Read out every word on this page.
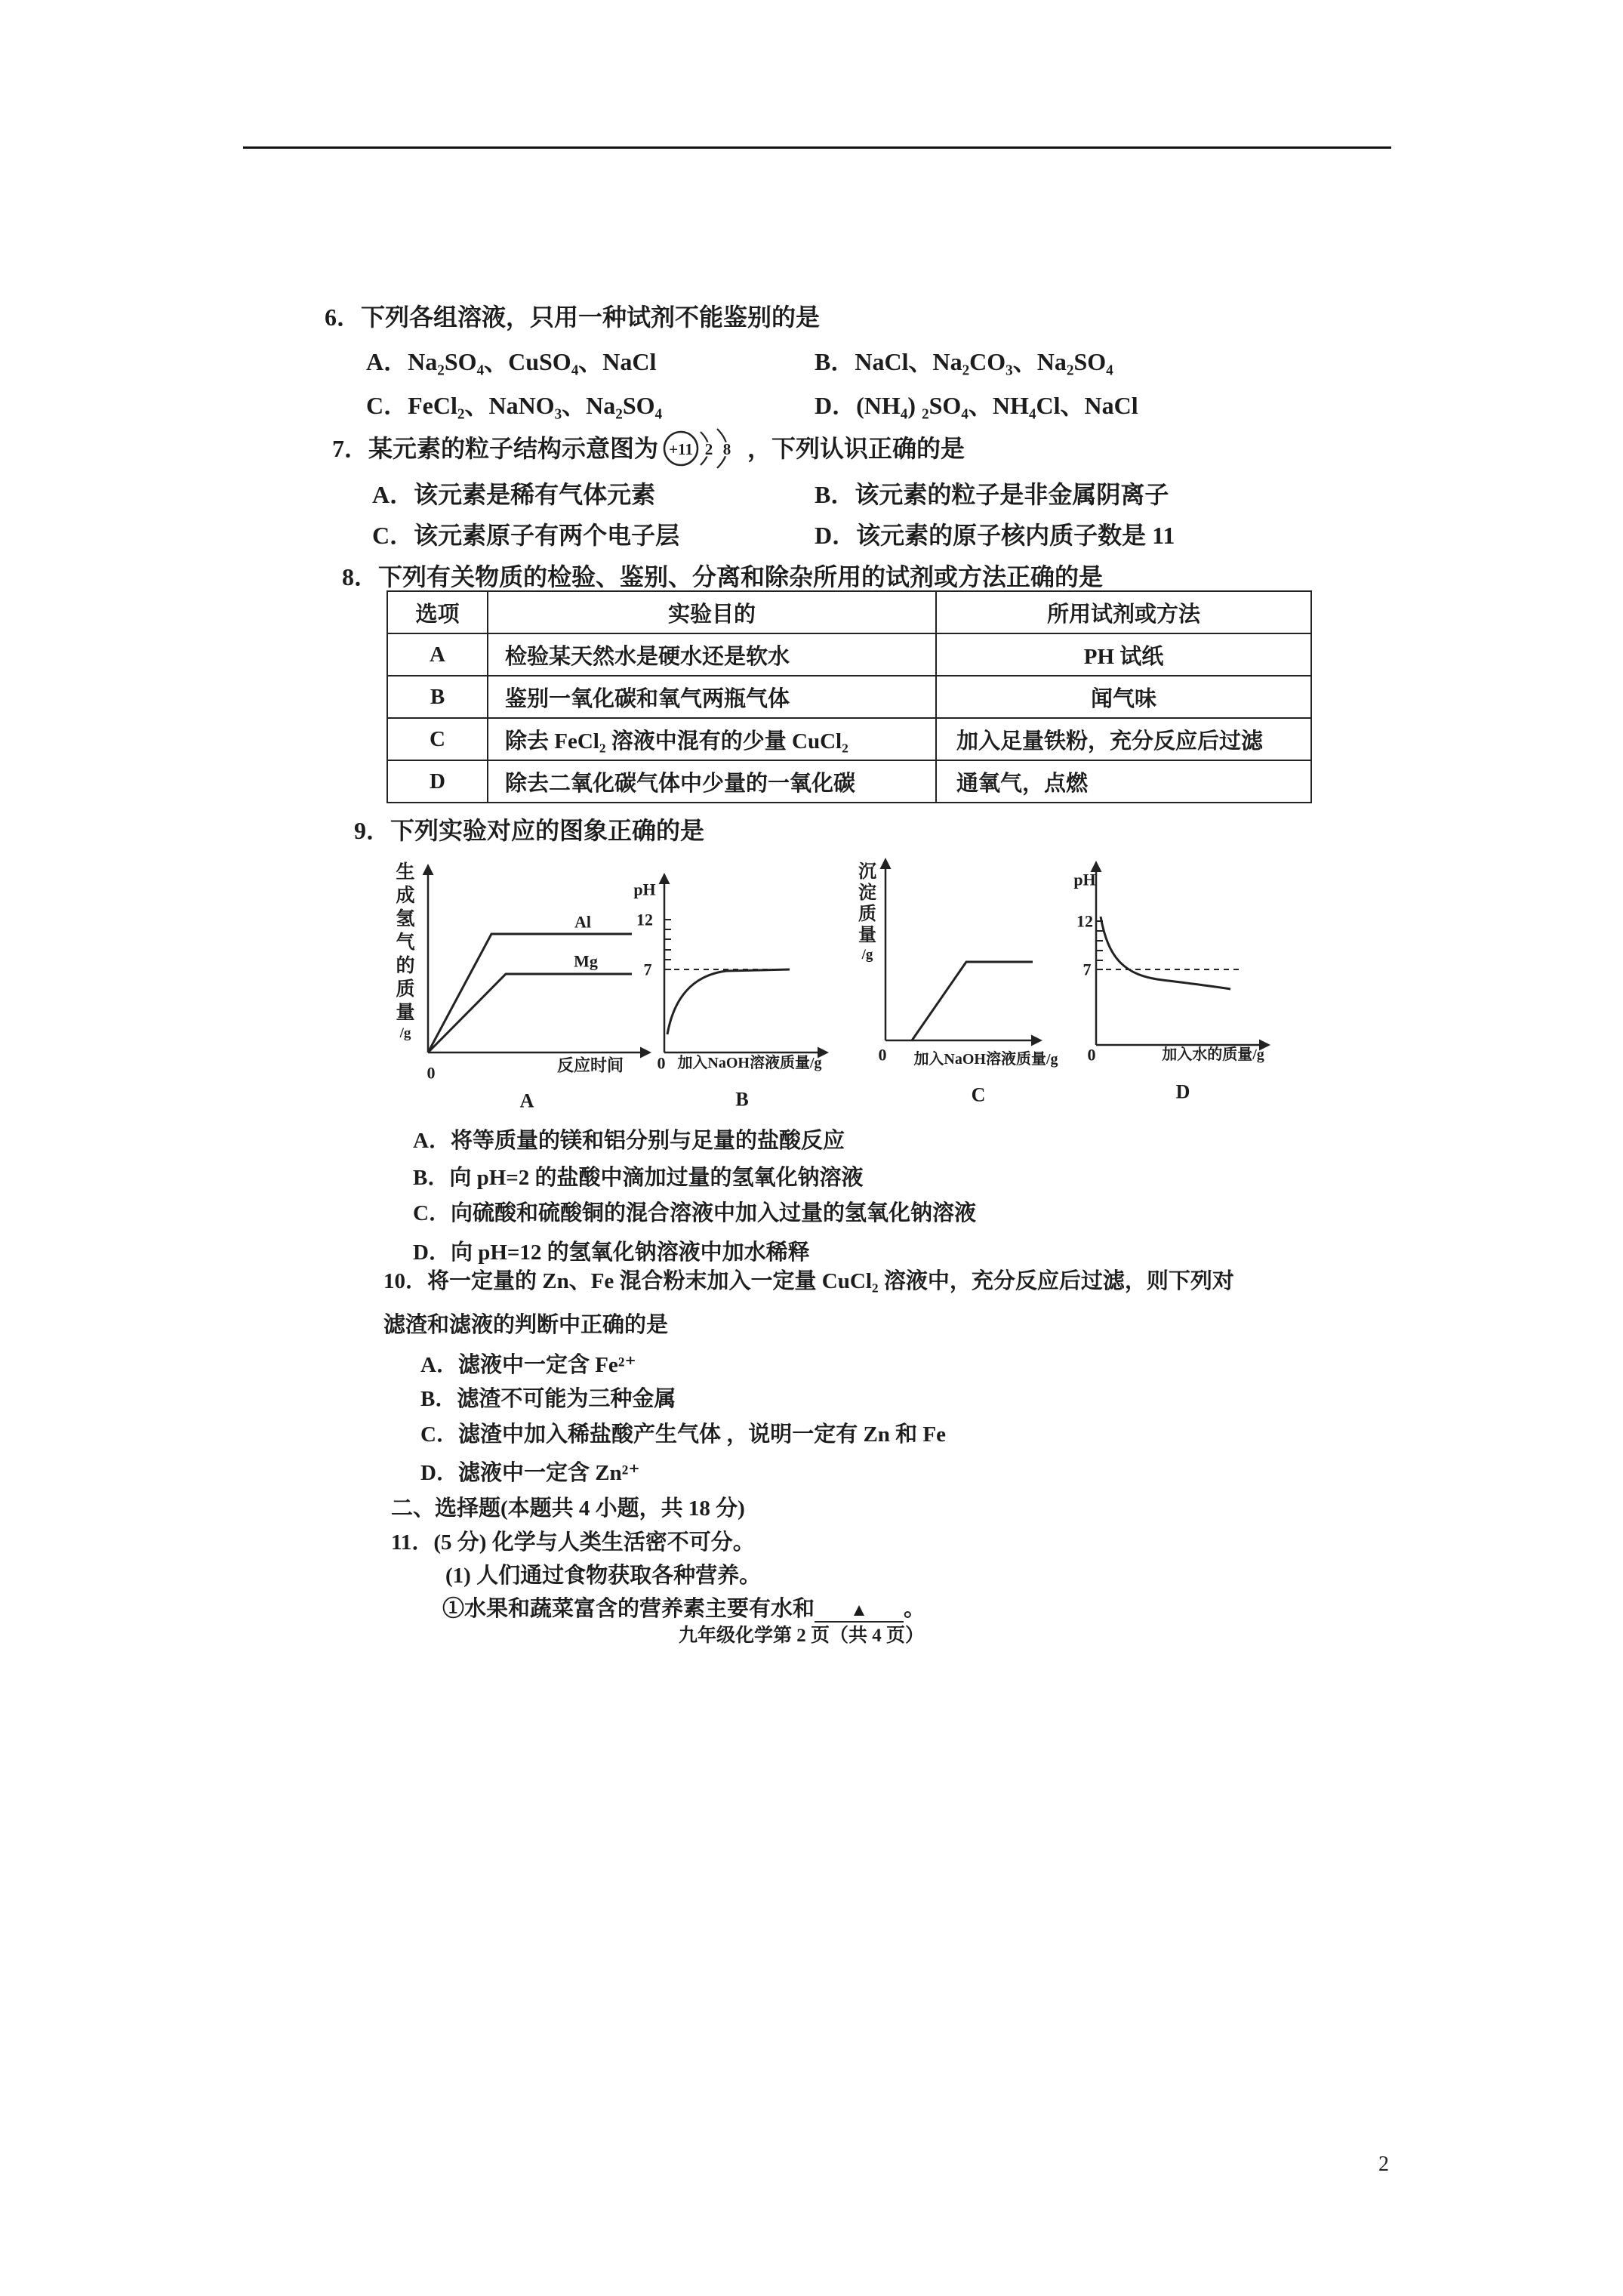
6．下列各组溶液，只用一种试剂不能鉴别的是
A．Na₂SO₄、CuSO₄、NaCl	B．NaCl、Na₂CO₃、Na₂SO₄
C．FeCl₂、NaNO₃、Na₂SO₄	D．(NH₄) ₂SO₄、NH₄Cl、NaCl
7．某元素的粒子结构示意图为 +11 2 8 ，下列认识正确的是
A．该元素是稀有气体元素	B．该元素的粒子是非金属阴离子
C．该元素原子有两个电子层	D．该元素的原子核内质子数是 11
8．下列有关物质的检验、鉴别、分离和除杂所用的试剂或方法正确的是
选项	实验目的	所用试剂或方法
A	检验某天然水是硬水还是软水	PH 试纸
B	鉴别一氧化碳和氧气两瓶气体	闻气味
C	除去 FeCl₂ 溶液中混有的少量 CuCl₂	加入足量铁粉，充分反应后过滤
D	除去二氧化碳气体中少量的一氧化碳	通氧气，点燃
9．下列实验对应的图象正确的是
Al
Mg
0	反应时间
A
pH
12
7
0 加入NaOH溶液质量/g
B
0 加入NaOH溶液质量/g
C
pH
12
7
0	加入水的质量/g
D
生成氢气的质量
/g
沉淀质量
/g
A．将等质量的镁和铝分别与足量的盐酸反应
B．向 pH=2 的盐酸中滴加过量的氢氧化钠溶液
C．向硫酸和硫酸铜的混合溶液中加入过量的氢氧化钠溶液
D．向 pH=12 的氢氧化钠溶液中加水稀释
10．将一定量的 Zn、Fe 混合粉末加入一定量 CuCl₂ 溶液中，充分反应后过滤，则下列对
滤渣和滤液的判断中正确的是
A．滤液中一定含 Fe²⁺
B．滤渣不可能为三种金属
C．滤渣中加入稀盐酸产生气体 ，说明一定有 Zn 和 Fe
D．滤液中一定含 Zn²⁺
二、选择题(本题共 4 小题，共 18 分)
11．(5 分) 化学与人类生活密不可分。
(1) 人们通过食物获取各种营养。
①水果和蔬菜富含的营养素主要有水和 ▲ 。
九年级化学第 2 页（共 4 页）
2
